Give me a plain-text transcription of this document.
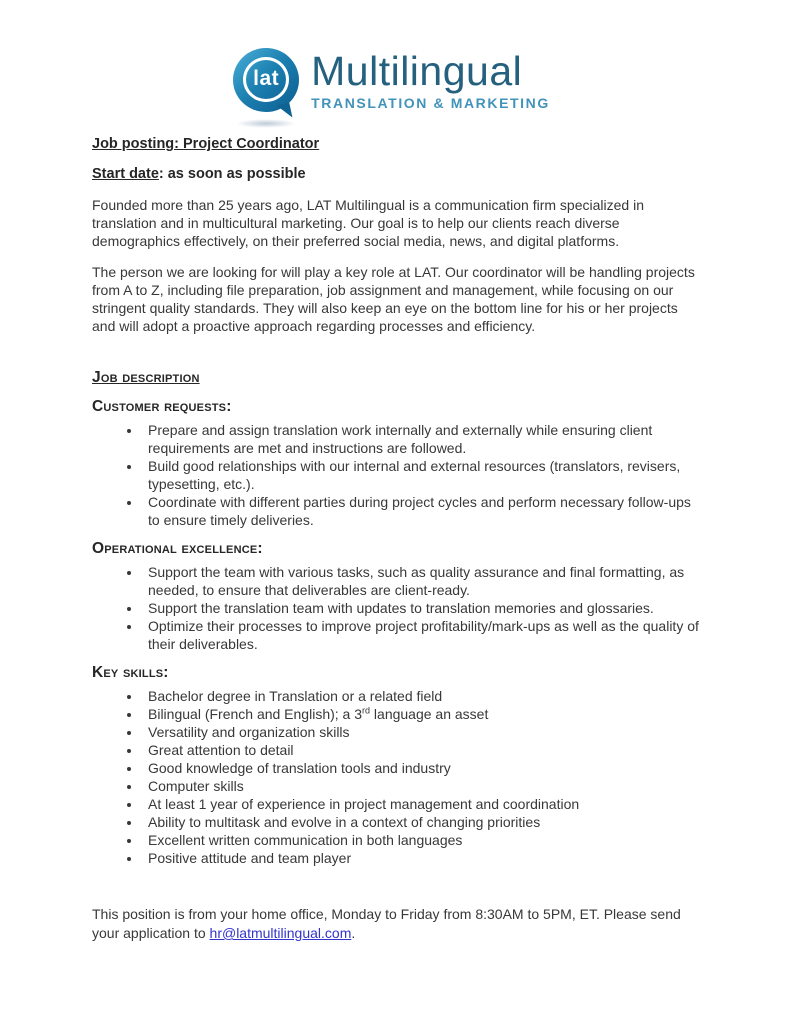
lat Multilingual
TRANSLATION & MARKETING
Job posting: Project Coordinator
Start date: as soon as possible

Founded more than 25 years ago, LAT Multilingual is a communication firm specialized in translation and in multicultural marketing. Our goal is to help our clients reach diverse demographics effectively, on their preferred social media, news, and digital platforms.

The person we are looking for will play a key role at LAT. Our coordinator will be handling projects from A to Z, including file preparation, job assignment and management, while focusing on our stringent quality standards. They will also keep an eye on the bottom line for his or her projects and will adopt a proactive approach regarding processes and efficiency.

Job description
Customer requests:
• Prepare and assign translation work internally and externally while ensuring client requirements are met and instructions are followed.
• Build good relationships with our internal and external resources (translators, revisers, typesetting, etc.).
• Coordinate with different parties during project cycles and perform necessary follow-ups to ensure timely deliveries.
Operational excellence:
• Support the team with various tasks, such as quality assurance and final formatting, as needed, to ensure that deliverables are client-ready.
• Support the translation team with updates to translation memories and glossaries.
• Optimize their processes to improve project profitability/mark-ups as well as the quality of their deliverables.
Key skills:
• Bachelor degree in Translation or a related field
• Bilingual (French and English); a 3rd language an asset
• Versatility and organization skills
• Great attention to detail
• Good knowledge of translation tools and industry
• Computer skills
• At least 1 year of experience in project management and coordination
• Ability to multitask and evolve in a context of changing priorities
• Excellent written communication in both languages
• Positive attitude and team player

This position is from your home office, Monday to Friday from 8:30AM to 5PM, ET. Please send your application to hr@latmultilingual.com.
